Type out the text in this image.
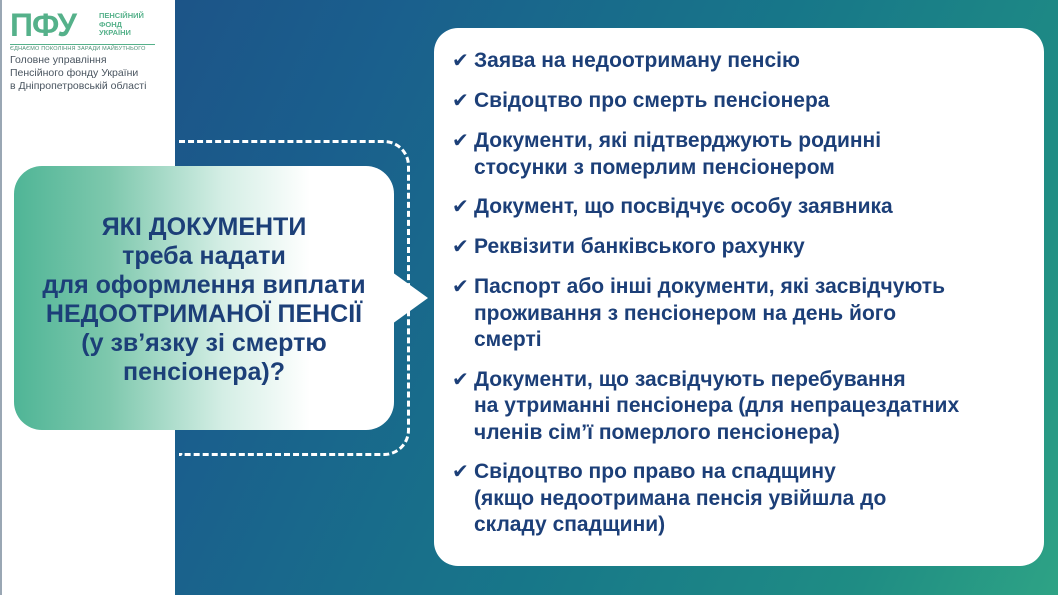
ПФУ	ПЕНСІЙНИЙ
ФОНД
УКРАЇНИ
ЄДНАЄМО ПОКОЛІННЯ ЗАРАДИ МАЙБУТНЬОГО
Головне управління
Пенсійного фонду України
в Дніпропетровській області
ЯКІ ДОКУМЕНТИ
треба надати
для оформлення виплати
НЕДООТРИМАНОЇ ПЕНСІЇ
(у зв’язку зі смертю
пенсіонера)?
✔ Заява на недоотриману пенсію
✔ Свідоцтво про смерть пенсіонера
✔ Документи, які підтверджують родинні
стосунки з померлим пенсіонером
✔ Документ, що посвідчує особу заявника
✔ Реквізити банківського рахунку
✔ Паспорт або інші документи, які засвідчують
проживання з пенсіонером на день його
смерті
✔ Документи, що засвідчують перебування
на утриманні пенсіонера (для непрацездатних
членів сім’ї померлого пенсіонера)
✔ Свідоцтво про право на спадщину
(якщо недоотримана пенсія увійшла до
складу спадщини)
